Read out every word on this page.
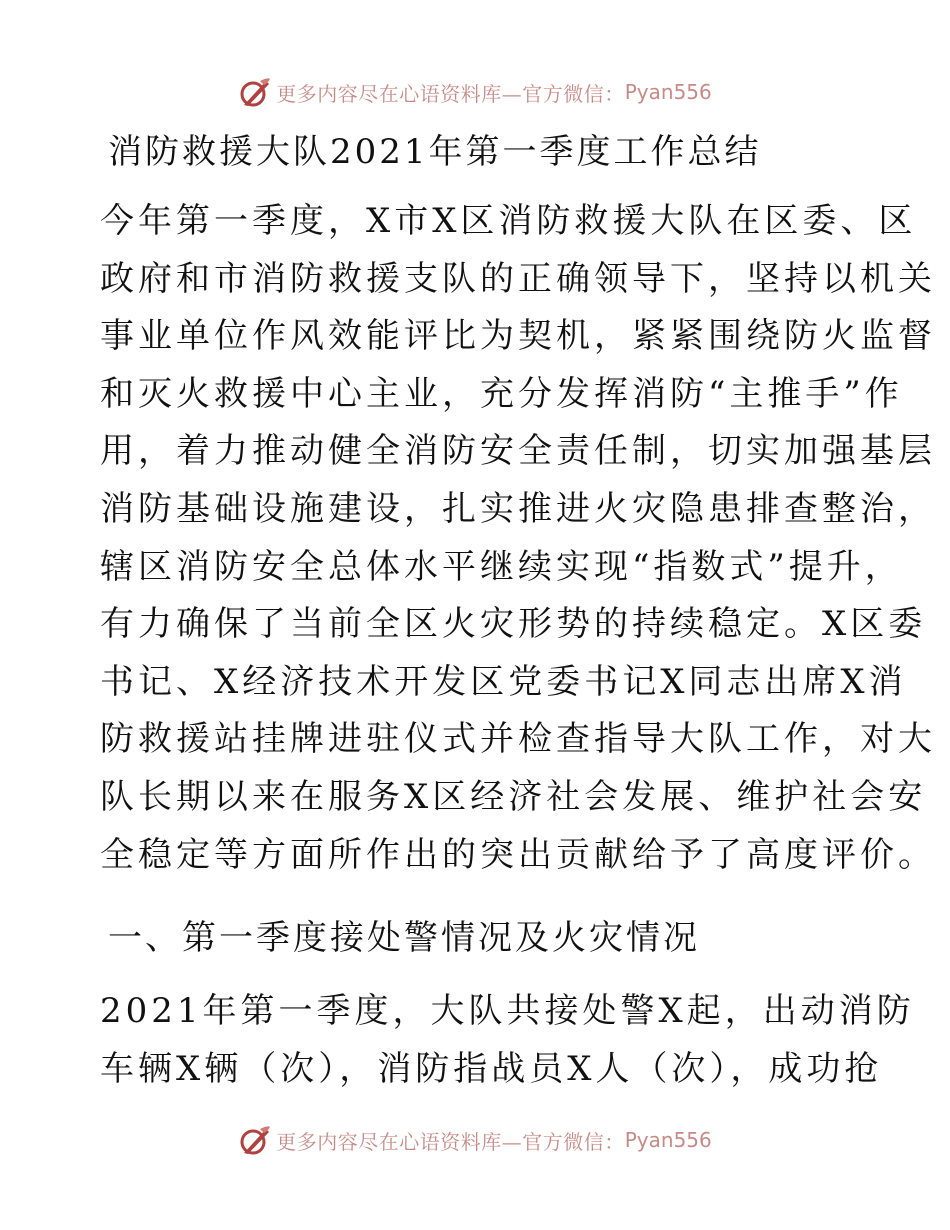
更多内容尽在心语资料库—官方微信： Pyan556
消防救援大队2021年第一季度工作总结
今年第一季度，X市X区消防救援大队在区委、区
政府和市消防救援支队的正确领导下，坚持以机关
事业单位作风效能评比为契机，紧紧围绕防火监督
和灭火救援中心主业，充分发挥消防“主推手”作
用，着力推动健全消防安全责任制，切实加强基层
消防基础设施建设，扎实推进火灾隐患排查整治，
辖区消防安全总体水平继续实现“指数式”提升，
有力确保了当前全区火灾形势的持续稳定。X区委
书记、X经济技术开发区党委书记X同志出席X消
防救援站挂牌进驻仪式并检查指导大队工作，对大
队长期以来在服务X区经济社会发展、维护社会安
全稳定等方面所作出的突出贡献给予了高度评价。
一、第一季度接处警情况及火灾情况
2021年第一季度，大队共接处警X起，出动消防
车辆X辆（次），消防指战员X人（次），成功抢
更多内容尽在心语资料库—官方微信： Pyan556
